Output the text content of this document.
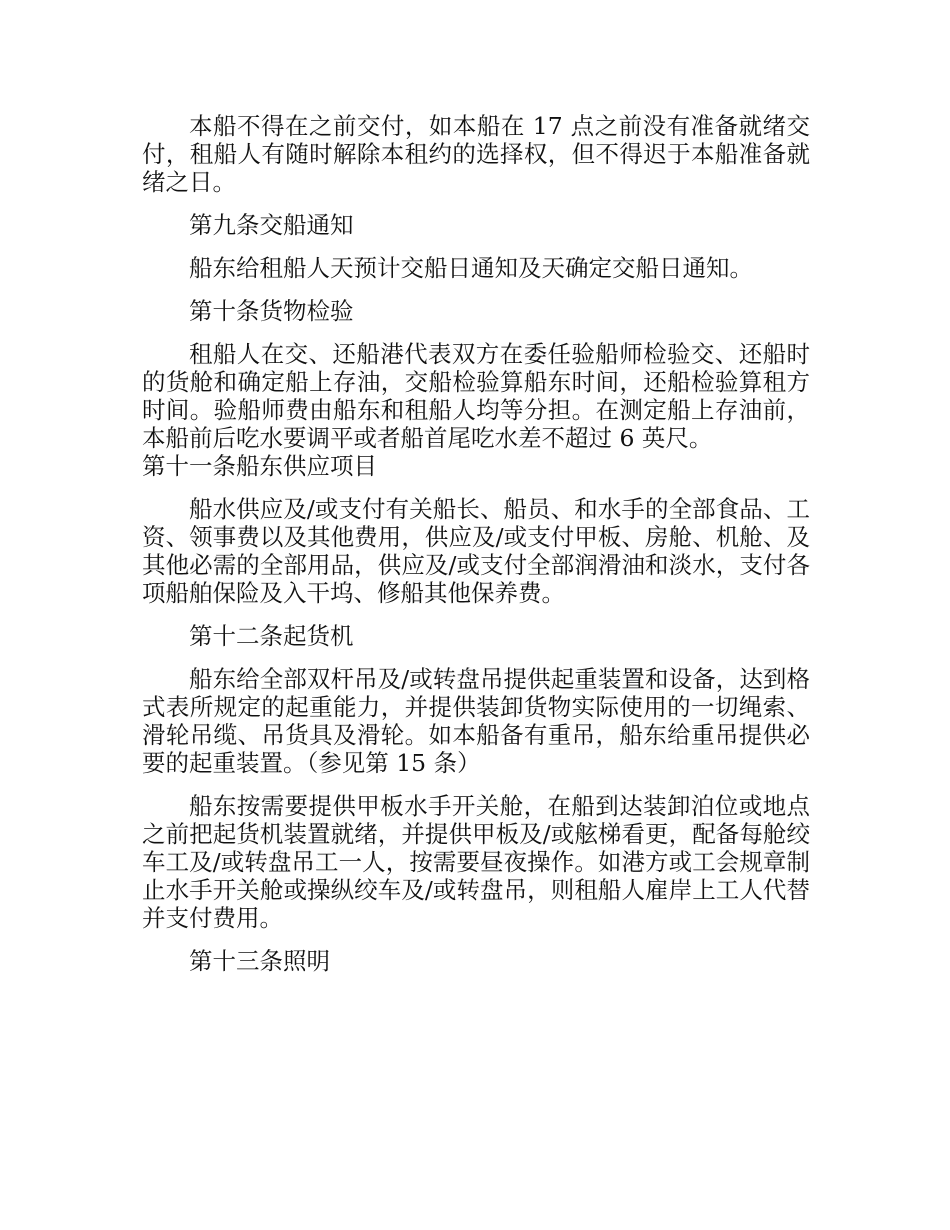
本船不得在之前交付，如本船在 17 点之前没有准备就绪交付，租船人有随时解除本租约的选择权，但不得迟于本船准备就绪之日。

第九条交船通知

船东给租船人天预计交船日通知及天确定交船日通知。

第十条货物检验

租船人在交、还船港代表双方在委任验船师检验交、还船时的货舱和确定船上存油，交船检验算船东时间，还船检验算租方时间。验船师费由船东和租船人均等分担。在测定船上存油前，本船前后吃水要调平或者船首尾吃水差不超过 6 英尺。

第十一条船东供应项目

船水供应及/或支付有关船长、船员、和水手的全部食品、工资、领事费以及其他费用，供应及/或支付甲板、房舱、机舱、及其他必需的全部用品，供应及/或支付全部润滑油和淡水，支付各项船舶保险及入干坞、修船其他保养费。

第十二条起货机

船东给全部双杆吊及/或转盘吊提供起重装置和设备，达到格式表所规定的起重能力，并提供装卸货物实际使用的一切绳索、滑轮吊缆、吊货具及滑轮。如本船备有重吊，船东给重吊提供必要的起重装置。（参见第 15 条）

船东按需要提供甲板水手开关舱，在船到达装卸泊位或地点之前把起货机装置就绪，并提供甲板及/或舷梯看更，配备每舱绞车工及/或转盘吊工一人，按需要昼夜操作。如港方或工会规章制止水手开关舱或操纵绞车及/或转盘吊，则租船人雇岸上工人代替并支付费用。

第十三条照明
